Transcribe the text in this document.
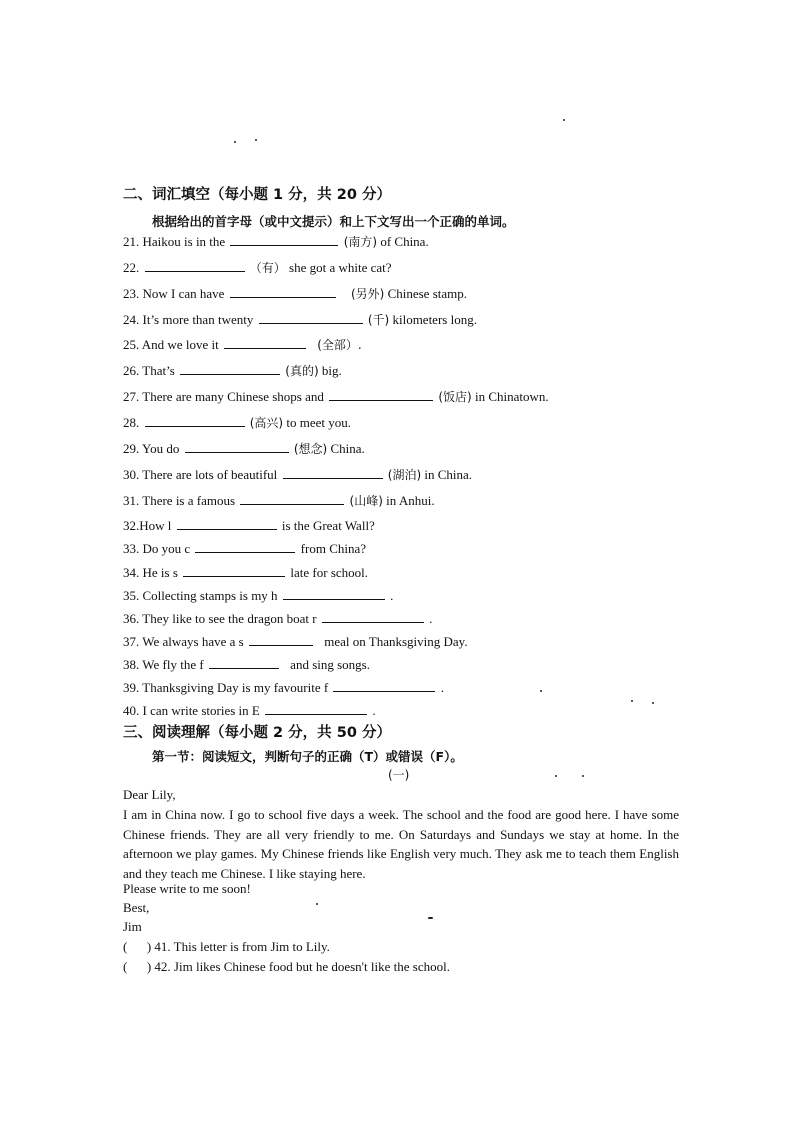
二、词汇填空（每小题 1 分，共 20 分）
根据给出的首字母（或中文提示）和上下文写出一个正确的单词。
21. Haikou is in the	(南方) of China.
22.	（有） she got a white cat?
23. Now I can have	(另外) Chinese stamp.
24. It’s more than twenty	(千) kilometers long.
25. And we love it	(全部）.
26. That’s	(真的) big.
27. There are many Chinese shops and	(饭店) in Chinatown.
28.	(高兴) to meet you.
29. You do	(想念) China.
30. There are lots of beautiful	(湖泊) in China.
31. There is a famous	(山峰) in Anhui.
32.How l	is the Great Wall?
33. Do you c	from China?
34. He is s	late for school.
35. Collecting stamps is my h	.
36. They like to see the dragon boat r	.
37. We always have a s	meal on Thanksgiving Day.
38. We fly the f	and sing songs.
39. Thanksgiving Day is my favourite f	.
40. I can write stories in E	.
三、阅读理解（每小题 2 分，共 50 分）
第一节：阅读短文，判断句子的正确（T）或错误（F）。
(一)
Dear Lily,
I am in China now. I go to school five days a week. The school and the food are good here. I have some Chinese friends. They are all very friendly to me. On Saturdays and Sundays we stay at home. In the afternoon we play games. My Chinese friends like English very much. They ask me to teach them English and they teach me Chinese. I like staying here.
Please write to me soon!
Best,
Jim
(      ) 41. This letter is from Jim to Lily.
(      ) 42. Jim likes Chinese food but he doesn't like the school.
